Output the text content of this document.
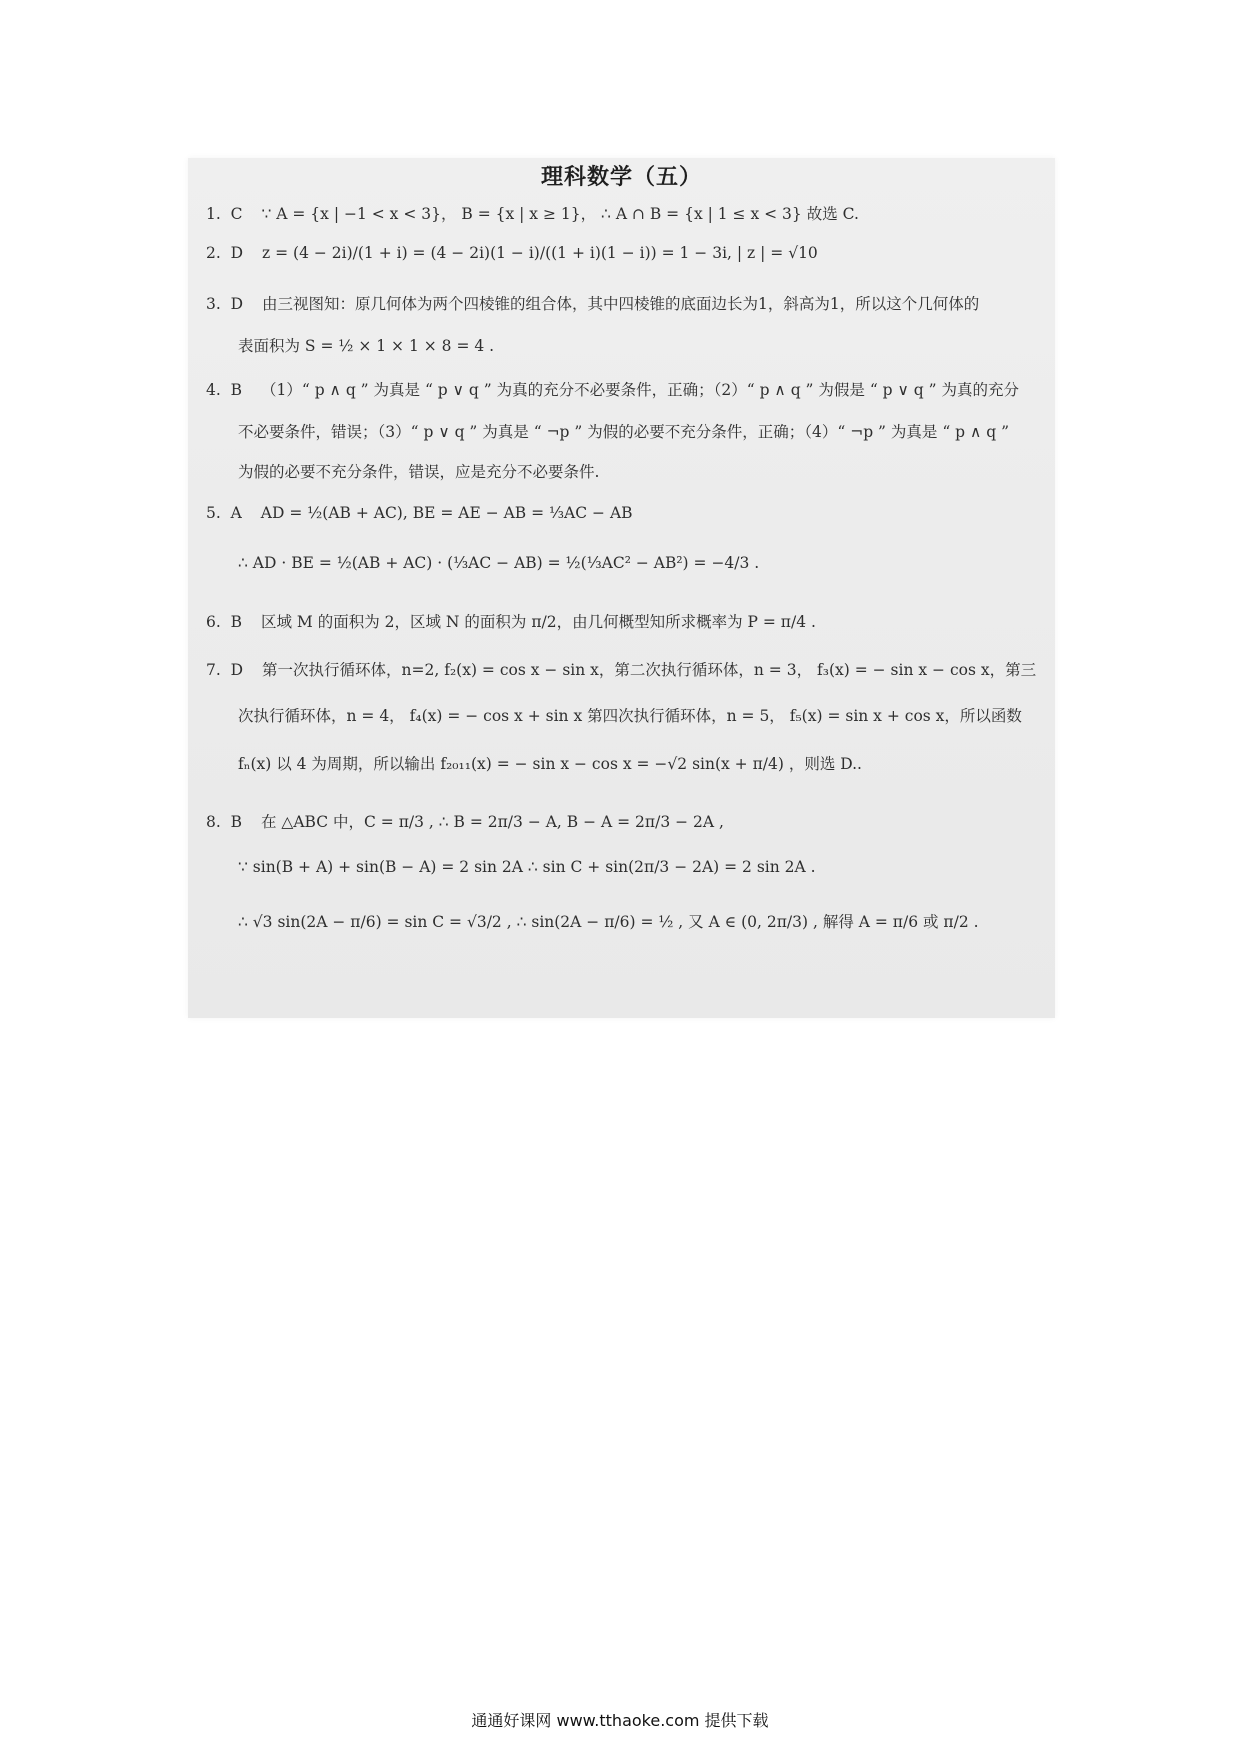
理科数学（五）
1. C ∵ A = {x | −1 < x < 3}， B = {x | x ≥ 1}， ∴ A ∩ B = {x | 1 ≤ x < 3} 故选 C.
2. D z = (4 − 2i)/(1 + i) = (4 − 2i)(1 − i)/((1 + i)(1 − i)) = 1 − 3i, | z | = √10
3. D 由三视图知：原几何体为两个四棱锥的组合体，其中四棱锥的底面边长为1，斜高为1，所以这个几何体的
表面积为 S = ½ × 1 × 1 × 8 = 4 .
4. B （1）“ p ∧ q ” 为真是 “ p ∨ q ” 为真的充分不必要条件，正确；（2）“ p ∧ q ” 为假是 “ p ∨ q ” 为真的充分
不必要条件，错误；（3）“ p ∨ q ” 为真是 “ ¬p ” 为假的必要不充分条件，正确；（4）“ ¬p ” 为真是 “ p ∧ q ”
为假的必要不充分条件，错误，应是充分不必要条件.
5. A AD = ½(AB + AC), BE = AE − AB = ⅓AC − AB
∴ AD · BE = ½(AB + AC) · (⅓AC − AB) = ½(⅓AC² − AB²) = −4/3 .
6. B 区域 M 的面积为 2，区域 N 的面积为 π/2，由几何概型知所求概率为 P = π/4 .
7. D 第一次执行循环体，n=2, f₂(x) = cos x − sin x，第二次执行循环体，n = 3， f₃(x) = − sin x − cos x，第三
次执行循环体，n = 4， f₄(x) = − cos x + sin x 第四次执行循环体，n = 5， f₅(x) = sin x + cos x，所以函数
fₙ(x) 以 4 为周期，所以输出 f₂₀₁₁(x) = − sin x − cos x = −√2 sin(x + π/4) ，则选 D..
8. B 在 △ABC 中，C = π/3 , ∴ B = 2π/3 − A, B − A = 2π/3 − 2A ,
∵ sin(B + A) + sin(B − A) = 2 sin 2A ∴ sin C + sin(2π/3 − 2A) = 2 sin 2A .
∴ √3 sin(2A − π/6) = sin C = √3/2 , ∴ sin(2A − π/6) = ½ , 又 A ∈ (0, 2π/3) , 解得 A = π/6 或 π/2 .
通通好课网 www.tthaoke.com 提供下载
